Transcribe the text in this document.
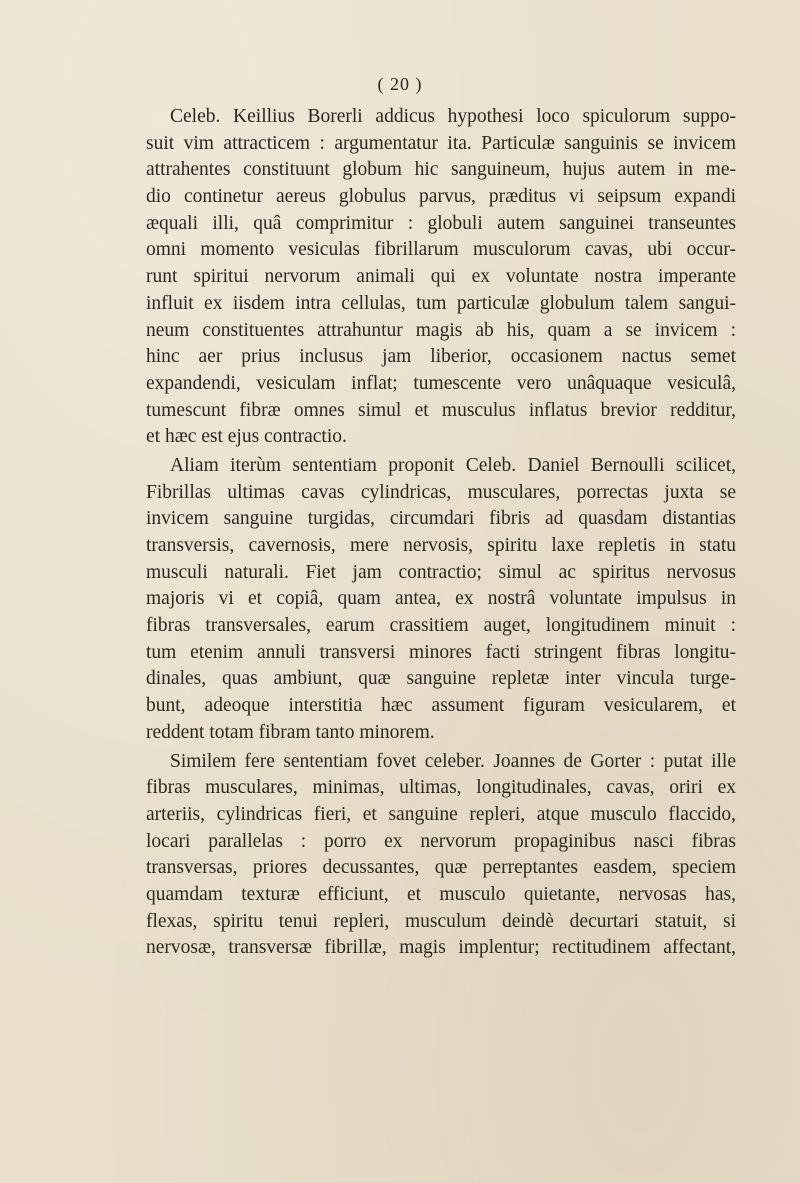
( 20 )
Celeb. Keillius Borerli addicus hypothesi loco spiculorum suppo-
suit vim attracticem : argumentatur ita. Particulæ sanguinis se invicem
attrahentes constituunt globum hic sanguineum, hujus autem in me-
dio continetur aereus globulus parvus, præditus vi seipsum expandi
æquali illi, quâ comprimitur : globuli autem sanguinei transeuntes
omni momento vesiculas fibrillarum musculorum cavas, ubi occur-
runt spiritui nervorum animali qui ex voluntate nostra imperante
influit ex iisdem intra cellulas, tum particulæ globulum talem sangui-
neum constituentes attrahuntur magis ab his, quam a se invicem :
hinc aer prius inclusus jam liberior, occasionem nactus semet
expandendi, vesiculam inflat; tumescente vero unâquaque vesiculâ,
tumescunt fibræ omnes simul et musculus inflatus brevior redditur,
et hæc est ejus contractio.
Aliam iterùm sententiam proponit Celeb. Daniel Bernoulli scilicet,
Fibrillas ultimas cavas cylindricas, musculares, porrectas juxta se
invicem sanguine turgidas, circumdari fibris ad quasdam distantias
transversis, cavernosis, mere nervosis, spiritu laxe repletis in statu
musculi naturali. Fiet jam contractio; simul ac spiritus nervosus
majoris vi et copiâ, quam antea, ex nostrâ voluntate impulsus in
fibras transversales, earum crassitiem auget, longitudinem minuit :
tum etenim annuli transversi minores facti stringent fibras longitu-
dinales, quas ambiunt, quæ sanguine repletæ inter vincula turge-
bunt, adeoque interstitia hæc assument figuram vesicularem, et
reddent totam fibram tanto minorem.
Similem fere sententiam fovet celeber. Joannes de Gorter : putat ille
fibras musculares, minimas, ultimas, longitudinales, cavas, oriri ex
arteriis, cylindricas fieri, et sanguine repleri, atque musculo flaccido,
locari parallelas : porro ex nervorum propaginibus nasci fibras
transversas, priores decussantes, quæ perreptantes easdem, speciem
quamdam texturæ efficiunt, et musculo quietante, nervosas has,
flexas, spiritu tenui repleri, musculum deindè decurtari statuit, si
nervosæ, transversæ fibrillæ, magis implentur; rectitudinem affectant,
